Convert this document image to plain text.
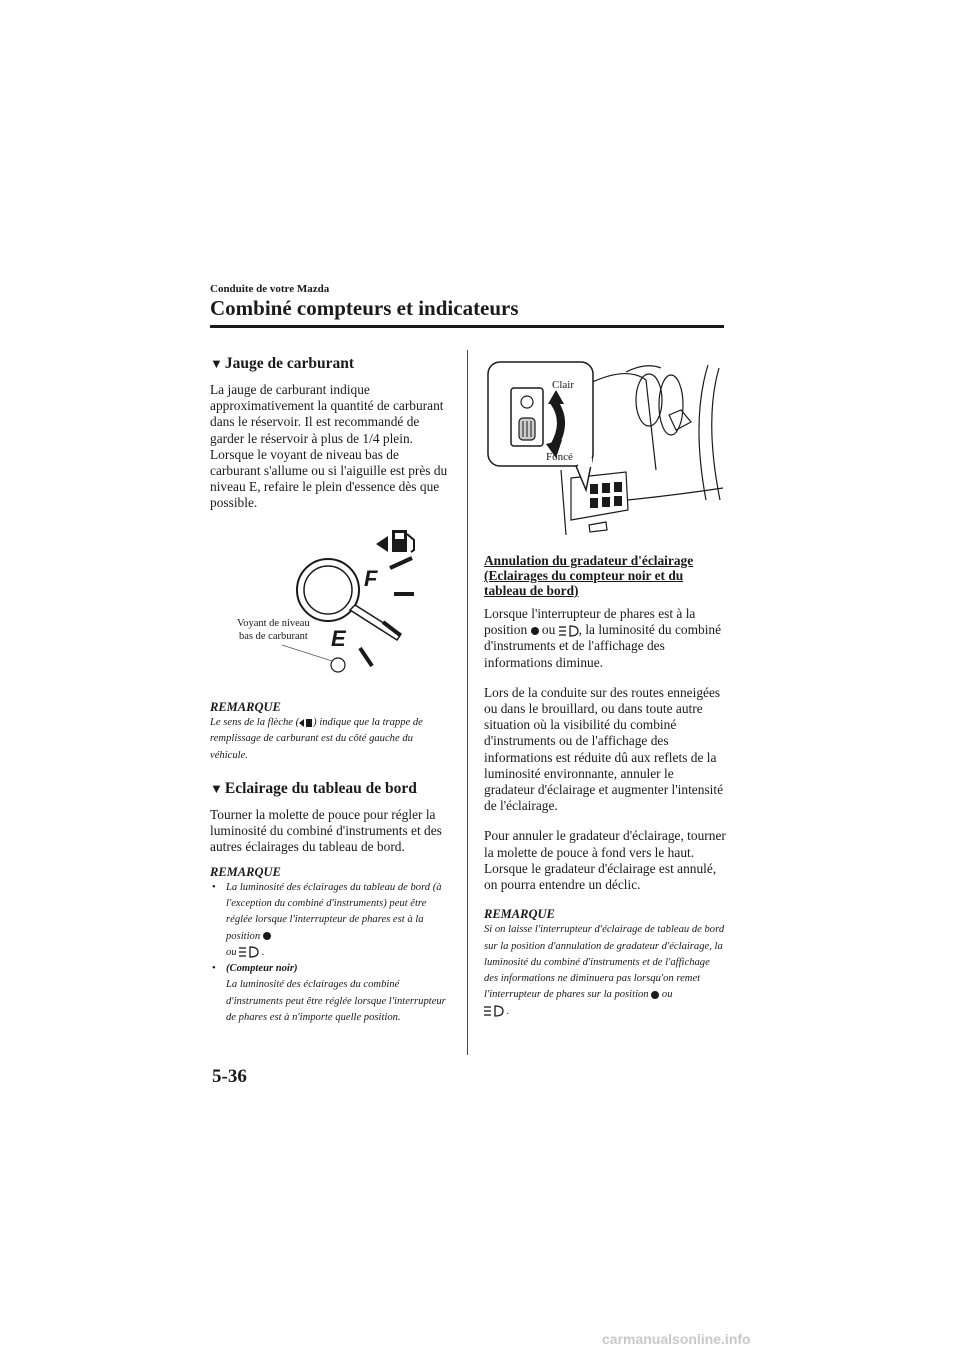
Conduite de votre Mazda
Combiné compteurs et indicateurs
▼ Jauge de carburant
La jauge de carburant indique approximativement la quantité de carburant dans le réservoir. Il est recommandé de garder le réservoir à plus de 1/4 plein. Lorsque le voyant de niveau bas de carburant s'allume ou si l'aiguille est près du niveau E, refaire le plein d'essence dès que possible.
F
E
Voyant de niveau
bas de carburant
REMARQUE
Le sens de la flèche ( ) indique que la trappe de remplissage de carburant est du côté gauche du véhicule.
▼ Eclairage du tableau de bord
Tourner la molette de pouce pour régler la luminosité du combiné d'instruments et des autres éclairages du tableau de bord.
REMARQUE
• La luminosité des éclairages du tableau de bord (à l'exception du combiné d'instruments) peut être réglée lorsque l'interrupteur de phares est à la position
ou .
• (Compteur noir)
La luminosité des éclairages du combiné d'instruments peut être réglée lorsque l'interrupteur de phares est à n'importe quelle position.
Clair
Foncé
Annulation du gradateur d'éclairage
(Eclairages du compteur noir et du
tableau de bord)
Lorsque l'interrupteur de phares est à la position ou , la luminosité du combiné d'instruments et de l'affichage des informations diminue.
Lors de la conduite sur des routes enneigées ou dans le brouillard, ou dans toute autre situation où la visibilité du combiné d'instruments ou de l'affichage des informations est réduite dû aux reflets de la luminosité environnante, annuler le gradateur d'éclairage et augmenter l'intensité de l'éclairage.
Pour annuler le gradateur d'éclairage, tourner la molette de pouce à fond vers le haut. Lorsque le gradateur d'éclairage est annulé, on pourra entendre un déclic.
REMARQUE
Si on laisse l'interrupteur d'éclairage de tableau de bord sur la position d'annulation de gradateur d'éclairage, la luminosité du combiné d'instruments et de l'affichage des informations ne diminuera pas lorsqu'on remet l'interrupteur de phares sur la position ou
.
5-36
carmanualsonline.info
